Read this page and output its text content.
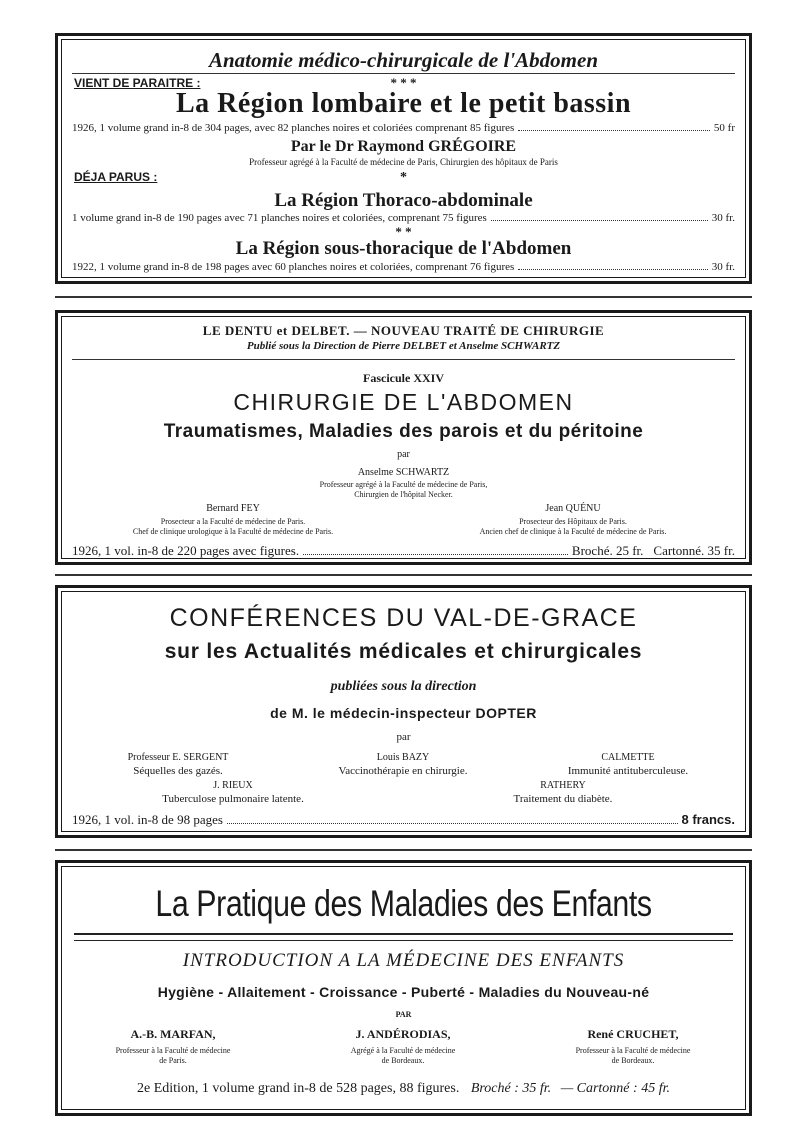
Anatomie médico-chirurgicale de l'Abdomen
VIENT DE PARAITRE :	* * *
La Région lombaire et le petit bassin
1926, 1 volume grand in-8 de 304 pages, avec 82 planches noires et coloriées comprenant 85 figures	50 fr
Par le Dr Raymond GRÉGOIRE
Professeur agrégé à la Faculté de médecine de Paris, Chirurgien des hôpitaux de Paris
DÉJA PARUS :	*
La Région Thoraco-abdominale
1 volume grand in-8 de 190 pages avec 71 planches noires et coloriées, comprenant 75 figures	30 fr.
* *
La Région sous-thoracique de l'Abdomen
1922, 1 volume grand in-8 de 198 pages avec 60 planches noires et coloriées, comprenant 76 figures	30 fr.
LE DENTU et DELBET. — NOUVEAU TRAITÉ DE CHIRURGIE
Publié sous la Direction de Pierre DELBET et Anselme SCHWARTZ
Fascicule XXIV
CHIRURGIE DE L'ABDOMEN
Traumatismes, Maladies des parois et du péritoine
par
Anselme SCHWARTZ
Professeur agrégé à la Faculté de médecine de Paris,
Chirurgien de l'hôpital Necker.
Bernard FEY
Prosecteur a la Faculté de médecine de Paris.
Chef de clinique urologique à la Faculté de médecine de Paris.
Jean QUÉNU
Prosecteur des Hôpitaux de Paris.
Ancien chef de clinique à la Faculté de médecine de Paris.
1926, 1 vol. in-8 de 220 pages avec figures.	Broché. 25 fr. Cartonné. 35 fr.
CONFÉRENCES DU VAL-DE-GRACE
sur les Actualités médicales et chirurgicales
publiées sous la direction
de M. le médecin-inspecteur DOPTER
par
Professeur E. SERGENT
Séquelles des gazés.
Louis BAZY
Vaccinothérapie en chirurgie.
CALMETTE
Immunité antituberculeuse.
J. RIEUX
Tuberculose pulmonaire latente.
RATHERY
Traitement du diabète.
1926, 1 vol. in-8 de 98 pages	8 francs.
La Pratique des Maladies des Enfants
INTRODUCTION A LA MÉDECINE DES ENFANTS
Hygiène - Allaitement - Croissance - Puberté - Maladies du Nouveau-né
PAR
A.-B. MARFAN,
Professeur à la Faculté de médecine
de Paris.
J. ANDÉRODIAS,
Agrégé à la Faculté de médecine
de Bordeaux.
René CRUCHET,
Professeur à la Faculté de médecine
de Bordeaux.
2e Edition, 1 volume grand in-8 de 528 pages, 88 figures. Broché : 35 fr. — Cartonné : 45 fr.
